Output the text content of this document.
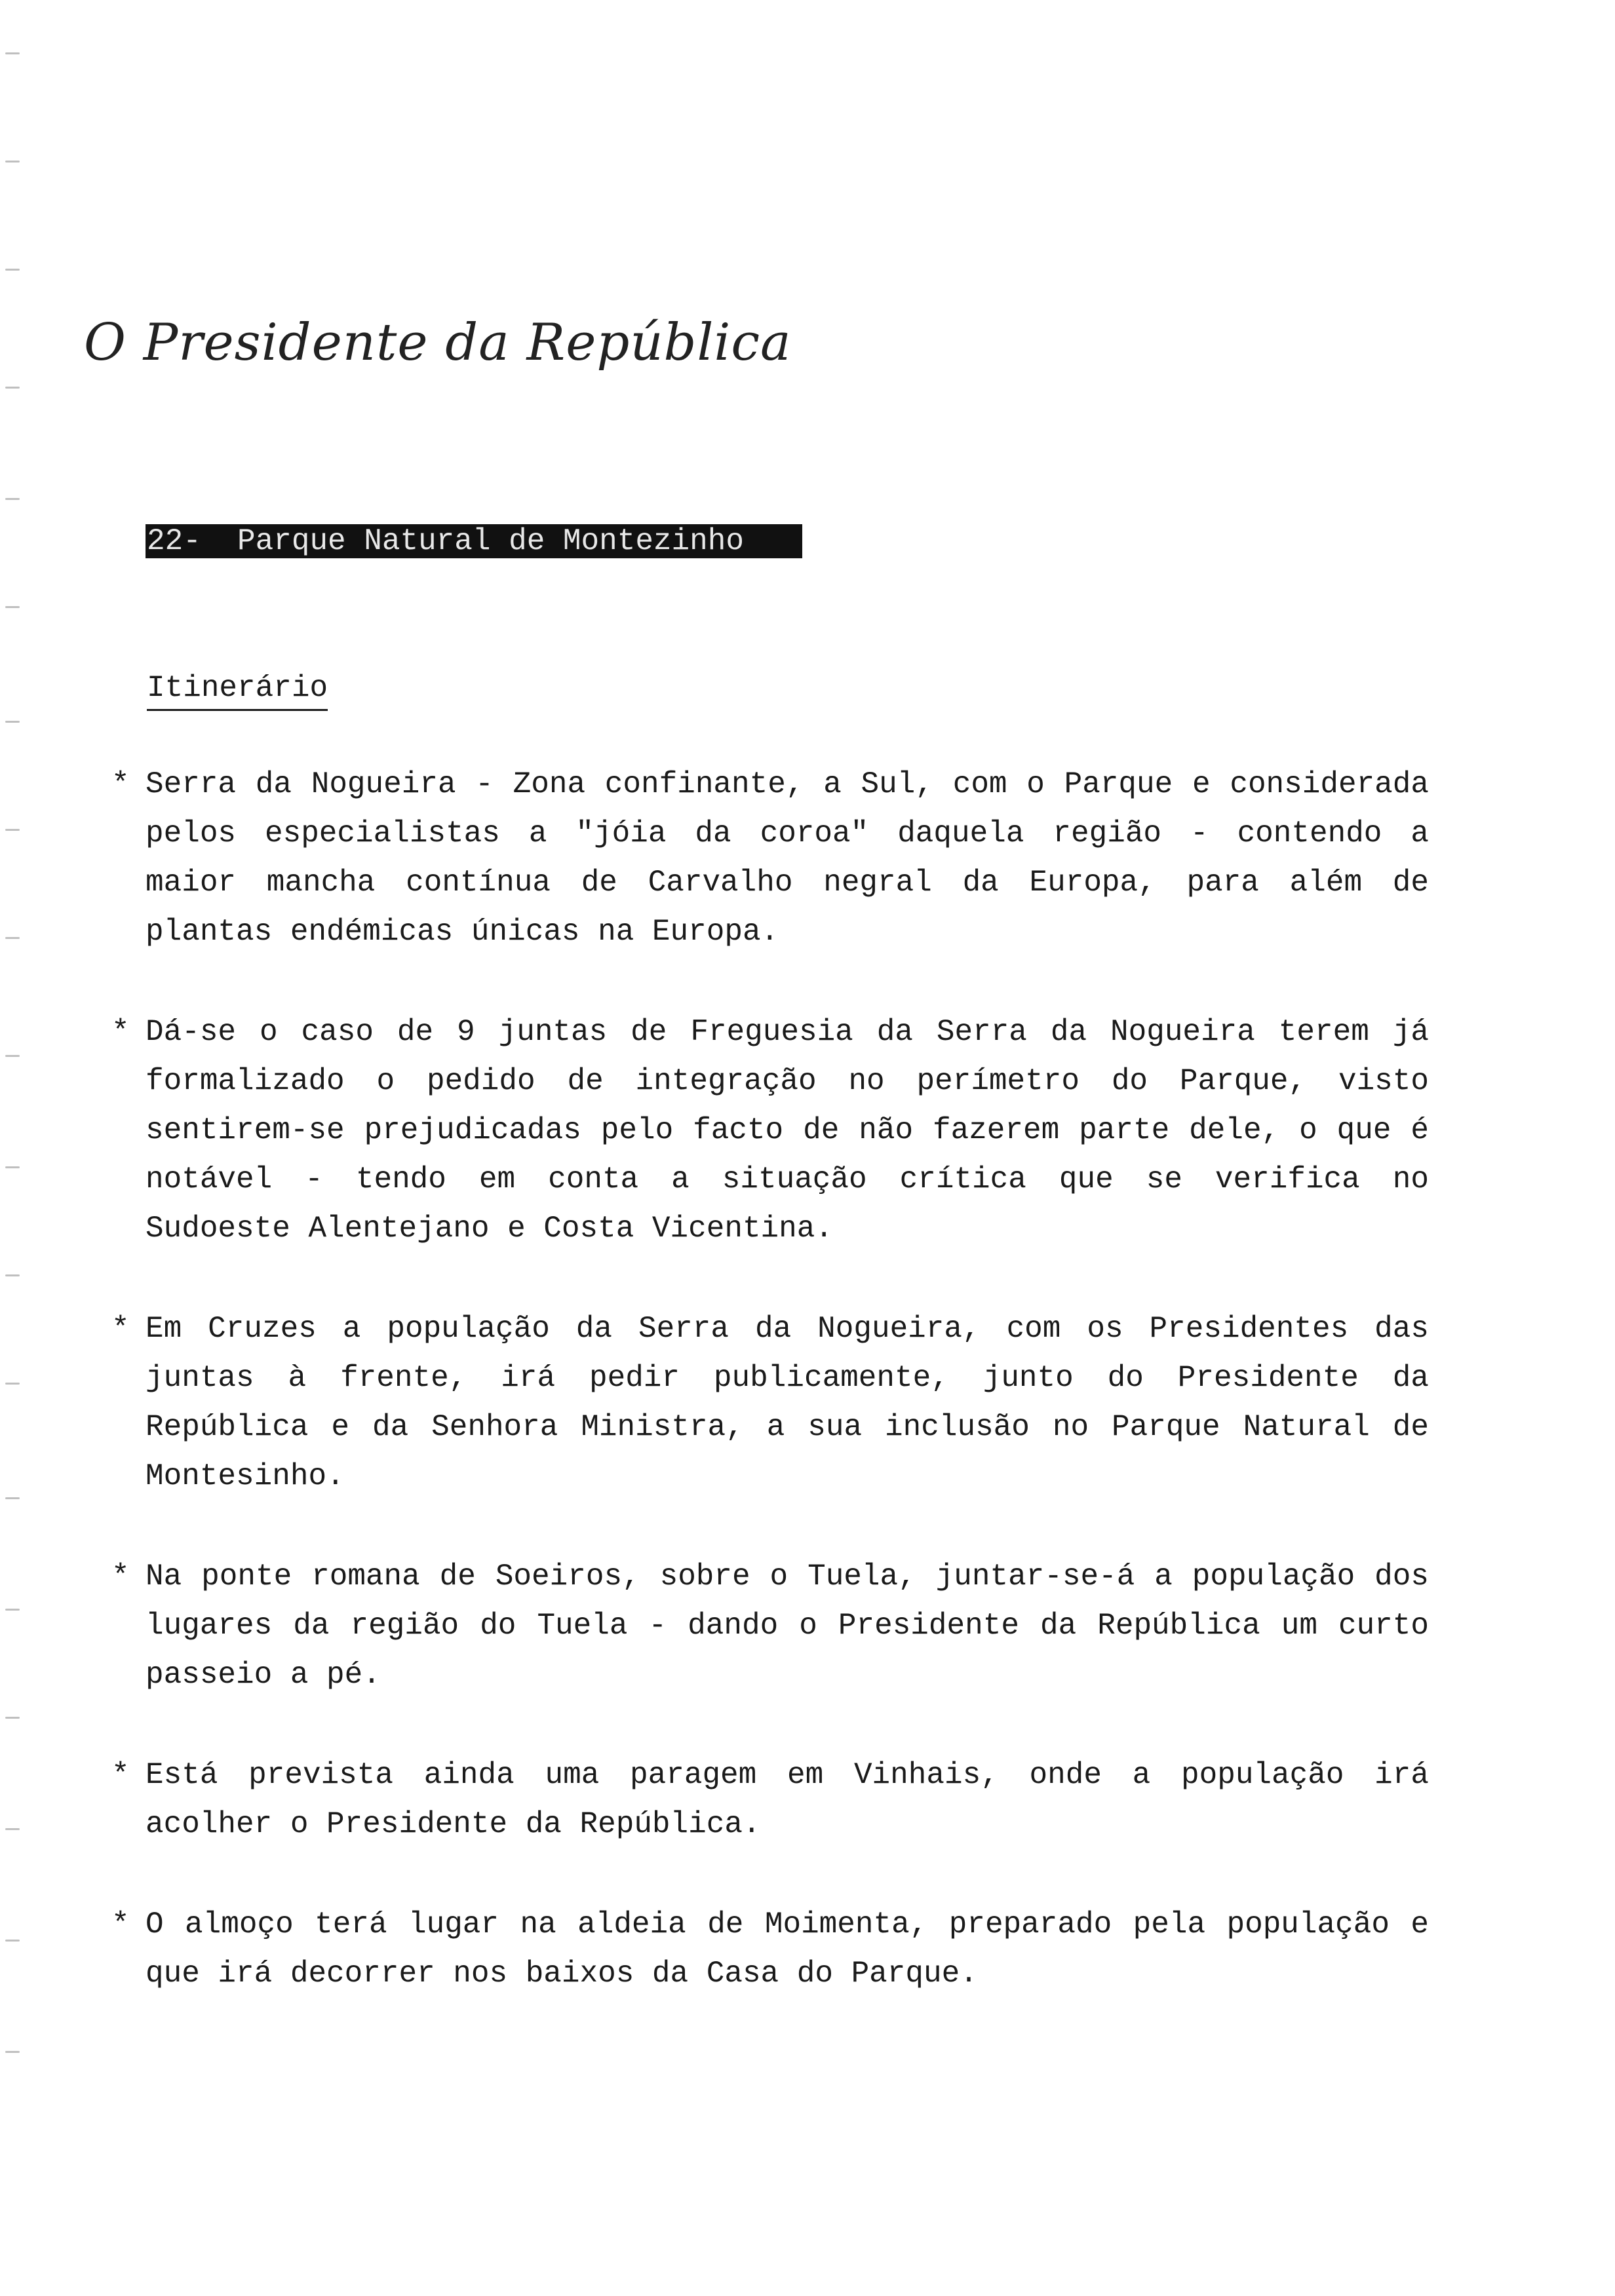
O Presidente da República
22-  Parque Natural de Montezinho
Itinerário
* Serra da Nogueira - Zona confinante, a Sul, com o Parque e considerada pelos especialistas a "jóia da coroa" daquela região - contendo a maior mancha contínua de Carvalho negral da Europa, para além de plantas endémicas únicas na Europa.
* Dá-se o caso de 9 juntas de Freguesia da Serra da Nogueira terem já formalizado o pedido de integração no perímetro do Parque, visto sentirem-se prejudicadas pelo facto de não fazerem parte dele, o que é notável - tendo em conta a situação crítica que se verifica no Sudoeste Alentejano e Costa Vicentina.
* Em Cruzes a população da Serra da Nogueira, com os Presidentes das juntas à frente, irá pedir publicamente, junto do Presidente da República e da Senhora Ministra, a sua inclusão no Parque Natural de Montesinho.
* Na ponte romana de Soeiros, sobre o Tuela, juntar-se-á a população dos lugares da região do Tuela - dando o Presidente da República um curto passeio a pé.
* Está prevista ainda uma paragem em Vinhais, onde a população irá acolher o Presidente da República.
* O almoço terá lugar na aldeia de Moimenta, preparado pela população e que irá decorrer nos baixos da Casa do Parque.
